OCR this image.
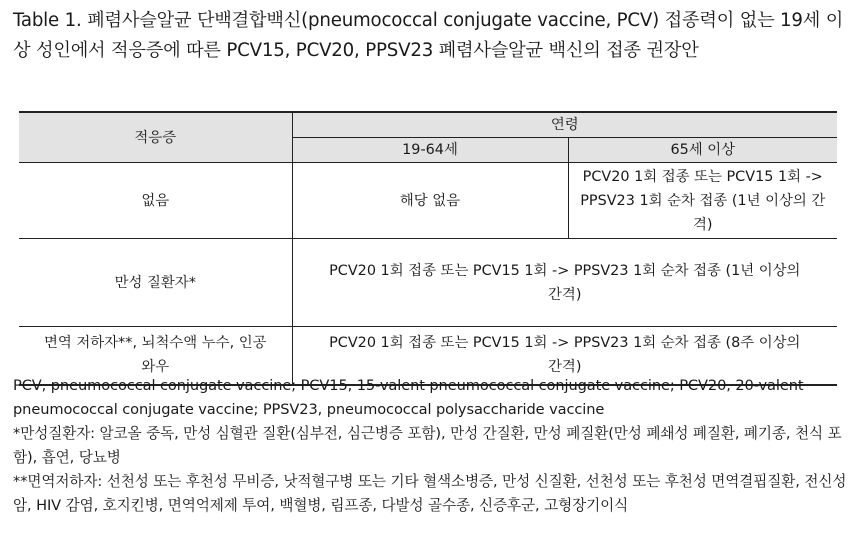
Table 1. 폐렴사슬알균 단백결합백신(pneumococcal conjugate vaccine, PCV) 접종력이 없는 19세 이상 성인에서 적응증에 따른 PCV15, PCV20, PPSV23 폐렴사슬알균 백신의 접종 권장안
적응증	연령	
	19-64세	65세 이상
없음	해당 없음	PCV20 1회 접종 또는 PCV15 1회 -> PPSV23 1회 순차 접종 (1년 이상의 간격)
만성 질환자*	PCV20 1회 접종 또는 PCV15 1회 -> PPSV23 1회 순차 접종 (1년 이상의 간격)	
면역 저하자**, 뇌척수액 누수, 인공 와우	PCV20 1회 접종 또는 PCV15 1회 -> PPSV23 1회 순차 접종 (8주 이상의 간격)	

PCV, pneumococcal conjugate vaccine; PCV15, 15-valent pneumococcal conjugate vaccine; PCV20, 20-valent pneumococcal conjugate vaccine; PPSV23, pneumococcal polysaccharide vaccine

*만성질환자: 알코올 중독, 만성 심혈관 질환(심부전, 심근병증 포함), 만성 간질환, 만성 폐질환(만성 폐쇄성 폐질환, 폐기종, 천식 포함), 흡연, 당뇨병

**면역저하자: 선천성 또는 후천성 무비증, 낫적혈구병 또는 기타 혈색소병증, 만성 신질환, 선천성 또는 후천성 면역결핍질환, 전신성 암, HIV 감염, 호지킨병, 면역억제제 투여, 백혈병, 림프종, 다발성 골수종, 신증후군, 고형장기이식
